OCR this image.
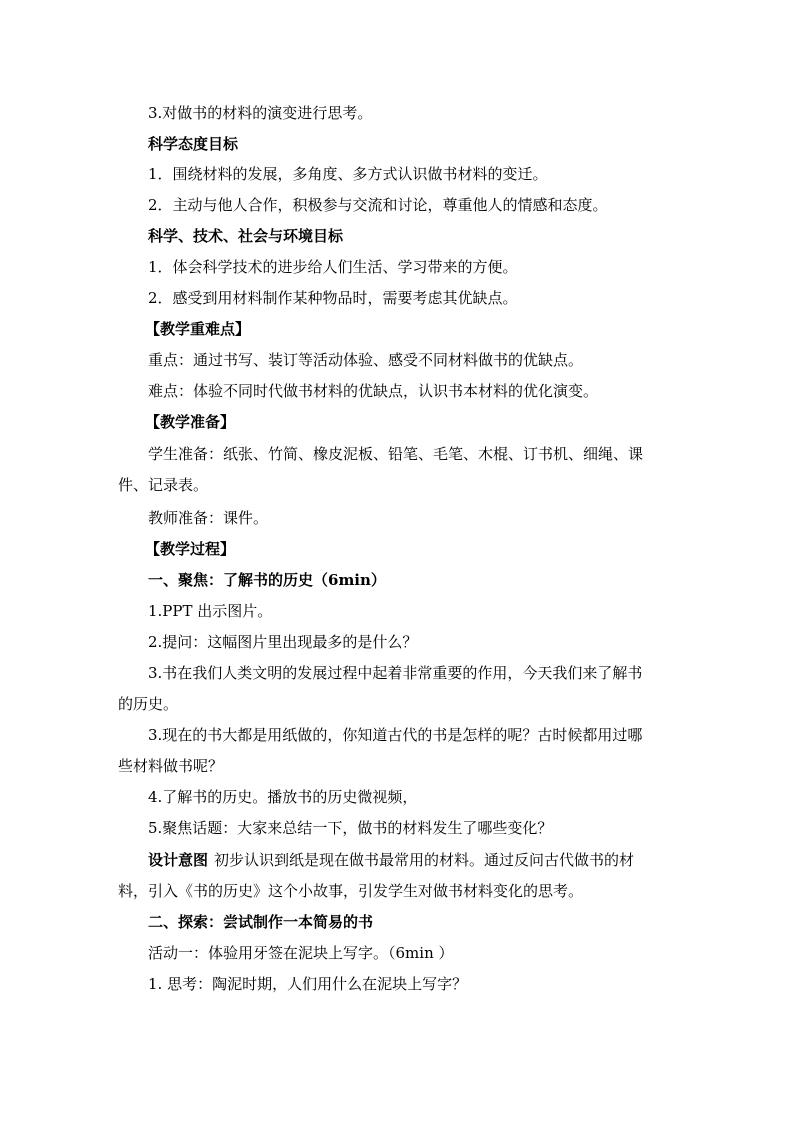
3.对做书的材料的演变进行思考。
科学态度目标
1．围绕材料的发展，多角度、多方式认识做书材料的变迁。
2．主动与他人合作，积极参与交流和讨论，尊重他人的情感和态度。
科学、技术、社会与环境目标
1．体会科学技术的进步给人们生活、学习带来的方便。
2．感受到用材料制作某种物品时，需要考虑其优缺点。
【教学重难点】
重点：通过书写、装订等活动体验、感受不同材料做书的优缺点。
难点：体验不同时代做书材料的优缺点，认识书本材料的优化演变。
【教学准备】
学生准备：纸张、竹简、橡皮泥板、铅笔、毛笔、木棍、订书机、细绳、课
件、记录表。
教师准备：课件。
【教学过程】
一、聚焦：了解书的历史（6min）
1.PPT 出示图片。
2.提问：这幅图片里出现最多的是什么？
3.书在我们人类文明的发展过程中起着非常重要的作用，今天我们来了解书
的历史。
3.现在的书大都是用纸做的，你知道古代的书是怎样的呢？古时候都用过哪
些材料做书呢？
4.了解书的历史。播放书的历史微视频，
5.聚焦话题：大家来总结一下，做书的材料发生了哪些变化？
设计意图 初步认识到纸是现在做书最常用的材料。通过反问古代做书的材
料，引入《书的历史》这个小故事，引发学生对做书材料变化的思考。
二、探索：尝试制作一本简易的书
活动一：体验用牙签在泥块上写字。（6min ）
1. 思考：陶泥时期，人们用什么在泥块上写字？
